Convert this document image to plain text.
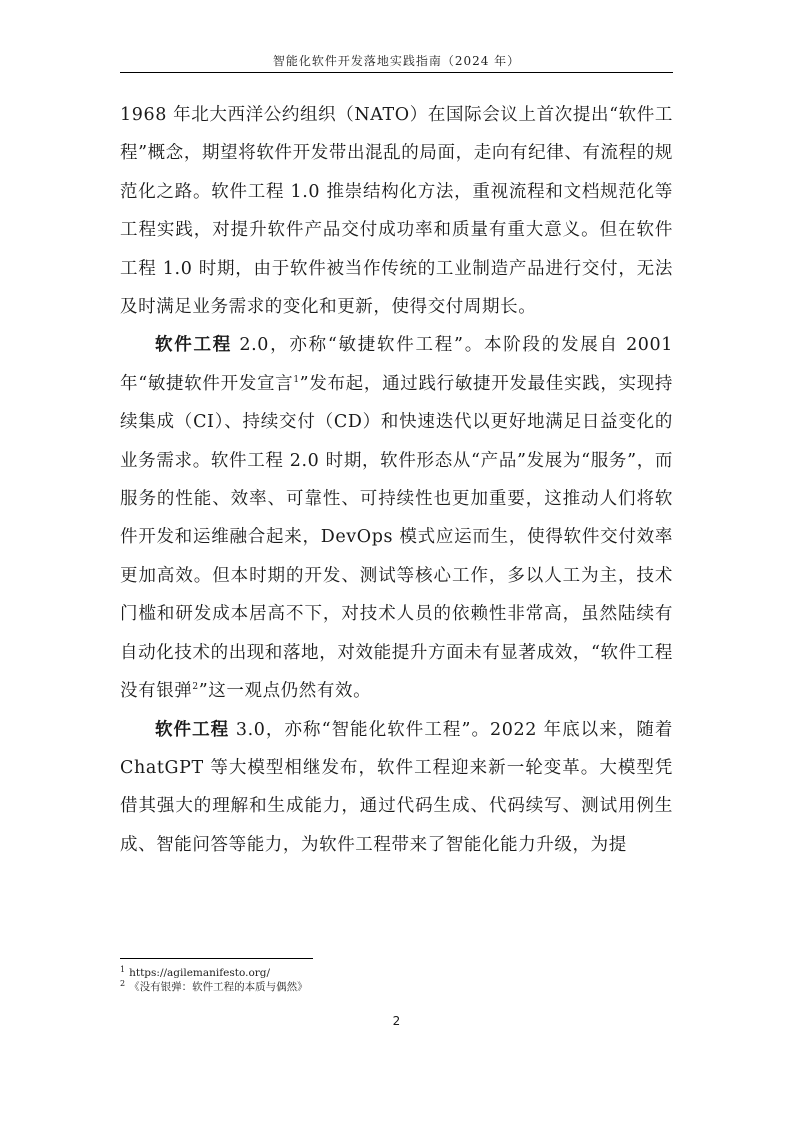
智能化软件开发落地实践指南（2024 年）

1968 年北大西洋公约组织（NATO）在国际会议上首次提出“软件工程”概念，期望将软件开发带出混乱的局面，走向有纪律、有流程的规范化之路。软件工程 1.0 推崇结构化方法，重视流程和文档规范化等工程实践，对提升软件产品交付成功率和质量有重大意义。但在软件工程 1.0 时期，由于软件被当作传统的工业制造产品进行交付，无法及时满足业务需求的变化和更新，使得交付周期长。

软件工程 2.0，亦称“敏捷软件工程”。本阶段的发展自 2001 年“敏捷软件开发宣言$^1$”发布起，通过践行敏捷开发最佳实践，实现持续集成（CI）、持续交付（CD）和快速迭代以更好地满足日益变化的业务需求。软件工程 2.0 时期，软件形态从“产品”发展为“服务”，而服务的性能、效率、可靠性、可持续性也更加重要，这推动人们将软件开发和运维融合起来，DevOps 模式应运而生，使得软件交付效率更加高效。但本时期的开发、测试等核心工作，多以人工为主，技术门槛和研发成本居高不下，对技术人员的依赖性非常高，虽然陆续有自动化技术的出现和落地，对效能提升方面未有显著成效，“软件工程没有银弹$^2$”这一观点仍然有效。

软件工程 3.0，亦称“智能化软件工程”。2022 年底以来，随着 ChatGPT 等大模型相继发布，软件工程迎来新一轮变革。大模型凭借其强大的理解和生成能力，通过代码生成、代码续写、测试用例生成、智能问答等能力，为软件工程带来了智能化能力升级，为提

$^1$ https://agilemanifesto.org/

$^2$ 《没有银弹：软件工程的本质与偶然》

2
